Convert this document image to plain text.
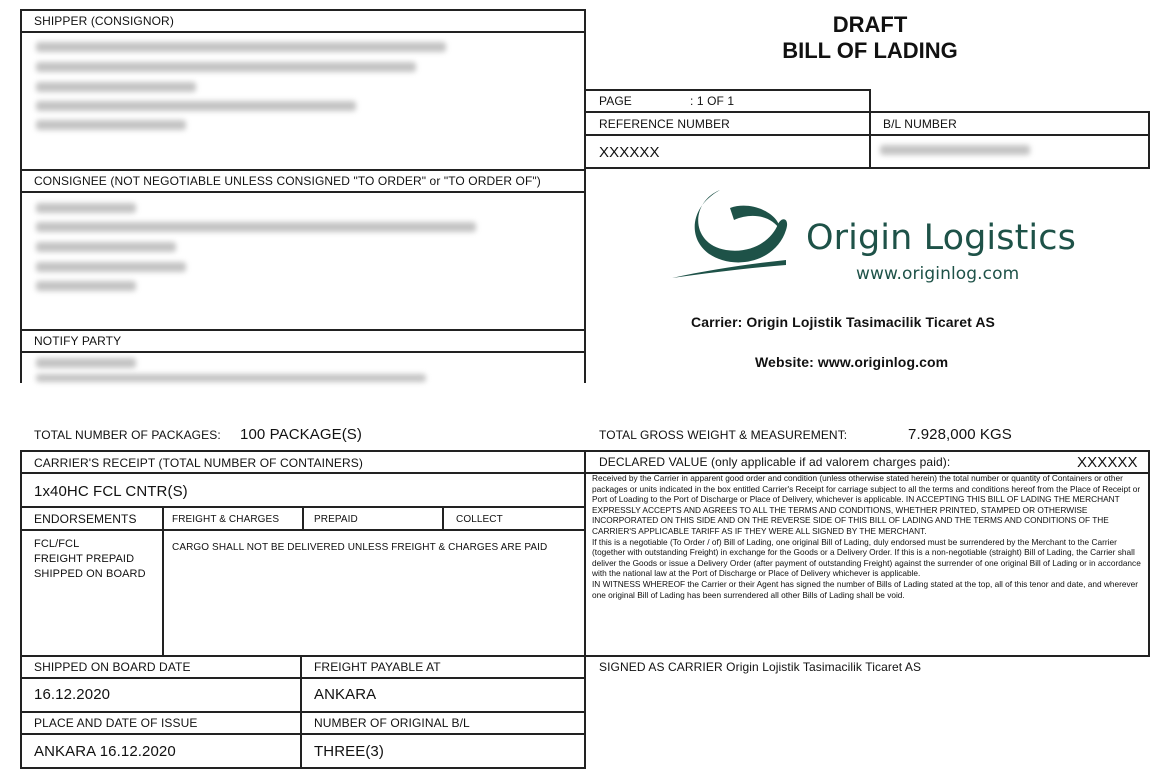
DRAFT
BILL OF LADING
SHIPPER (CONSIGNOR)
CONSIGNEE (NOT NEGOTIABLE UNLESS CONSIGNED "TO ORDER" or "TO ORDER OF")
NOTIFY PARTY
PAGE	: 1 OF 1
REFERENCE NUMBER
XXXXXX
B/L NUMBER
Origin Logistics
www.originlog.com
Carrier: Origin Lojistik Tasimacilik Ticaret AS
Website: www.originlog.com
TOTAL NUMBER OF PACKAGES: 100 PACKAGE(S)	TOTAL GROSS WEIGHT & MEASUREMENT:	7.928,000 KGS
CARRIER'S RECEIPT (TOTAL NUMBER OF CONTAINERS)
1x40HC FCL CNTR(S)
ENDORSEMENTS	FREIGHT & CHARGES	PREPAID	COLLECT
FCL/FCL
FREIGHT PREPAID
SHIPPED ON BOARD
CARGO SHALL NOT BE DELIVERED UNLESS FREIGHT & CHARGES ARE PAID
DECLARED VALUE (only applicable if ad valorem charges paid):	XXXXXX
Received by the Carrier in apparent good order and condition (unless otherwise stated herein) the total number or quantity of Containers or other packages or units indicated in the box entitled Carrier's Receipt for carriage subject to all the terms and conditions hereof from the Place of Receipt or Port of Loading to the Port of Discharge or Place of Delivery, whichever is applicable. IN ACCEPTING THIS BILL OF LADING THE MERCHANT EXPRESSLY ACCEPTS AND AGREES TO ALL THE TERMS AND CONDITIONS, WHETHER PRINTED, STAMPED OR OTHERWISE INCORPORATED ON THIS SIDE AND ON THE REVERSE SIDE OF THIS BILL OF LADING AND THE TERMS AND CONDITIONS OF THE CARRIER'S APPLICABLE TARIFF AS IF THEY WERE ALL SIGNED BY THE MERCHANT.
If this is a negotiable (To Order / of) Bill of Lading, one original Bill of Lading, duly endorsed must be surrendered by the Merchant to the Carrier (together with outstanding Freight) in exchange for the Goods or a Delivery Order. If this is a non-negotiable (straight) Bill of Lading, the Carrier shall deliver the Goods or issue a Delivery Order (after payment of outstanding Freight) against the surrender of one original Bill of Lading or in accordance with the national law at the Port of Discharge or Place of Delivery whichever is applicable.
IN WITNESS WHEREOF the Carrier or their Agent has signed the number of Bills of Lading stated at the top, all of this tenor and date, and wherever one original Bill of Lading has been surrendered all other Bills of Lading shall be void.
SHIPPED ON BOARD DATE
16.12.2020
FREIGHT PAYABLE AT
ANKARA
PLACE AND DATE OF ISSUE
ANKARA 16.12.2020
NUMBER OF ORIGINAL B/L
THREE(3)
SIGNED AS CARRIER Origin Lojistik Tasimacilik Ticaret AS
